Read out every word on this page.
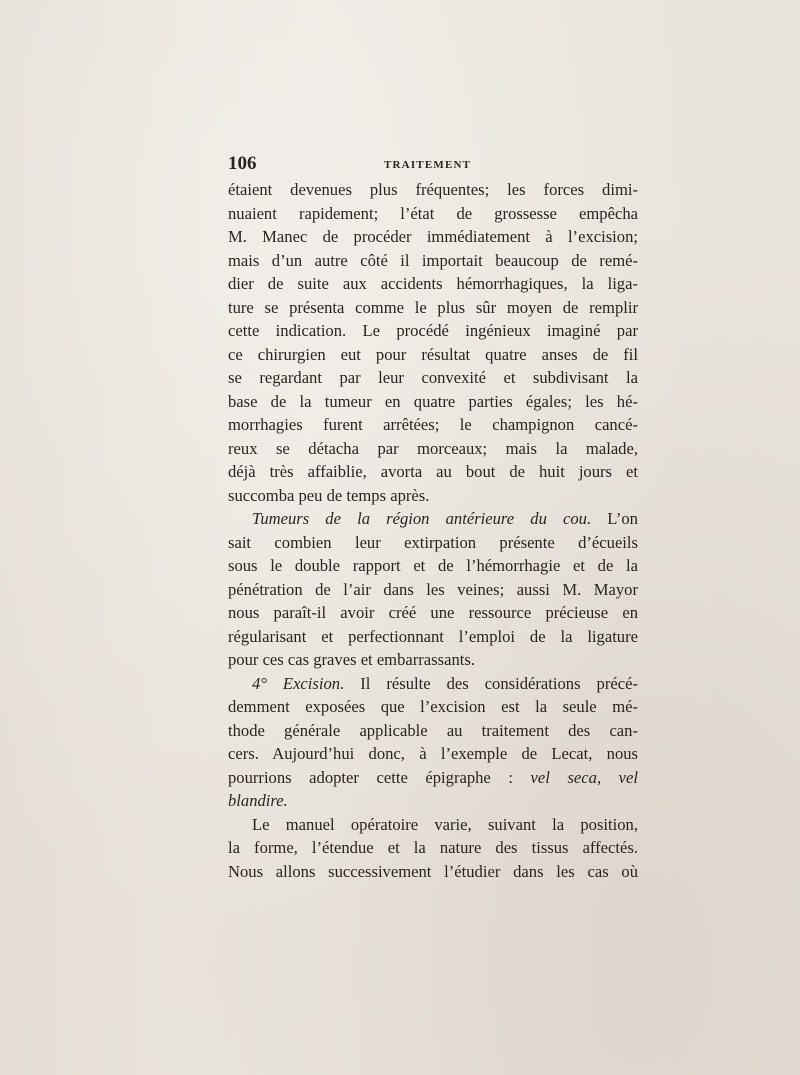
106	TRAITEMENT
étaient devenues plus fréquentes; les forces dimi-
nuaient rapidement; l’état de grossesse empêcha
M. Manec de procéder immédiatement à l’excision;
mais d’un autre côté il importait beaucoup de remé-
dier de suite aux accidents hémorrhagiques, la liga-
ture se présenta comme le plus sûr moyen de remplir
cette indication. Le procédé ingénieux imaginé par
ce chirurgien eut pour résultat quatre anses de fil
se regardant par leur convexité et subdivisant la
base de la tumeur en quatre parties égales; les hé-
morrhagies furent arrêtées; le champignon cancé-
reux se détacha par morceaux; mais la malade,
déjà très affaiblie, avorta au bout de huit jours et
succomba peu de temps après.
Tumeurs de la région antérieure du cou. L’on
sait combien leur extirpation présente d’écueils
sous le double rapport et de l’hémorrhagie et de la
pénétration de l’air dans les veines; aussi M. Mayor
nous paraît-il avoir créé une ressource précieuse en
régularisant et perfectionnant l’emploi de la ligature
pour ces cas graves et embarrassants.
4° Excision. Il résulte des considérations précé-
demment exposées que l’excision est la seule mé-
thode générale applicable au traitement des can-
cers. Aujourd’hui donc, à l’exemple de Lecat, nous
pourrions adopter cette épigraphe : vel seca, vel
blandire.
Le manuel opératoire varie, suivant la position,
la forme, l’étendue et la nature des tissus affectés.
Nous allons successivement l’étudier dans les cas où
